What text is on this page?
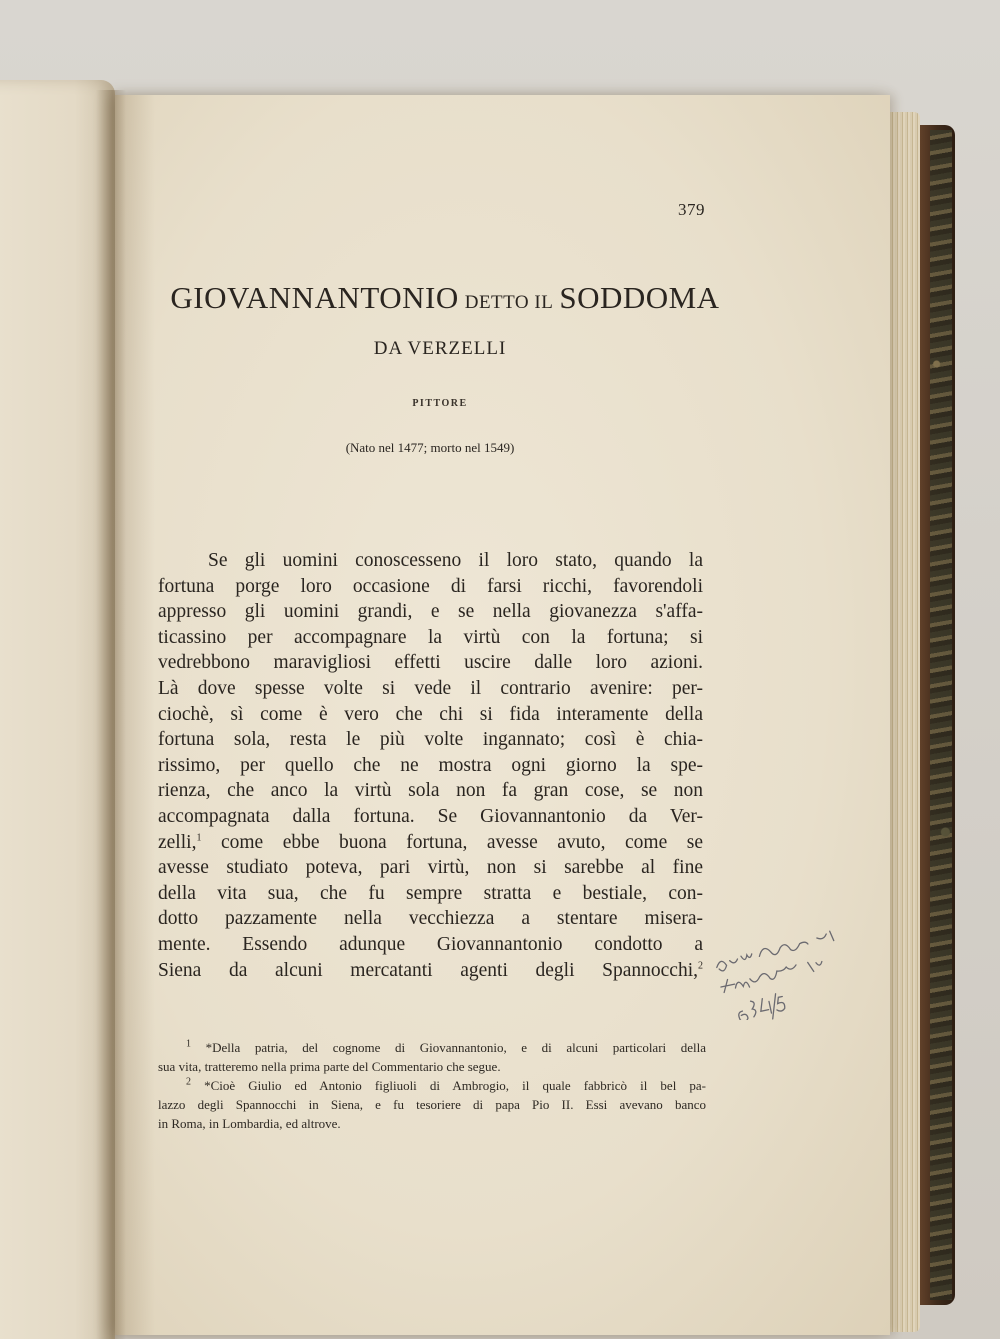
379
GIOVANNANTONIO DETTO IL SODDOMA
DA VERZELLI
PITTORE
(Nato nel 1477; morto nel 1549)
Se gli uomini conoscesseno il loro stato, quando la
fortuna porge loro occasione di farsi ricchi, favorendoli
appresso gli uomini grandi, e se nella giovanezza s'affa-
ticassino per accompagnare la virtù con la fortuna; si
vedrebbono maravigliosi effetti uscire dalle loro azioni.
Là dove spesse volte si vede il contrario avenire: per-
ciochè, sì come è vero che chi si fida interamente della
fortuna sola, resta le più volte ingannato; così è chia-
rissimo, per quello che ne mostra ogni giorno la spe-
rienza, che anco la virtù sola non fa gran cose, se non
accompagnata dalla fortuna. Se Giovannantonio da Ver-
zelli,$^1$ come ebbe buona fortuna, avesse avuto, come se
avesse studiato poteva, pari virtù, non si sarebbe al fine
della vita sua, che fu sempre stratta e bestiale, con-
dotto pazzamente nella vecchiezza a stentare misera-
mente. Essendo adunque Giovannantonio condotto a
Siena da alcuni mercatanti agenti degli Spannocchi,$^2$
$^1$ *Della patria, del cognome di Giovannantonio, e di alcuni particolari della
sua vita, tratteremo nella prima parte del Commentario che segue.
$^2$ *Cioè Giulio ed Antonio figliuoli di Ambrogio, il quale fabbricò il bel pa-
lazzo degli Spannocchi in Siena, e fu tesoriere di papa Pio II. Essi avevano banco
in Roma, in Lombardia, ed altrove.
